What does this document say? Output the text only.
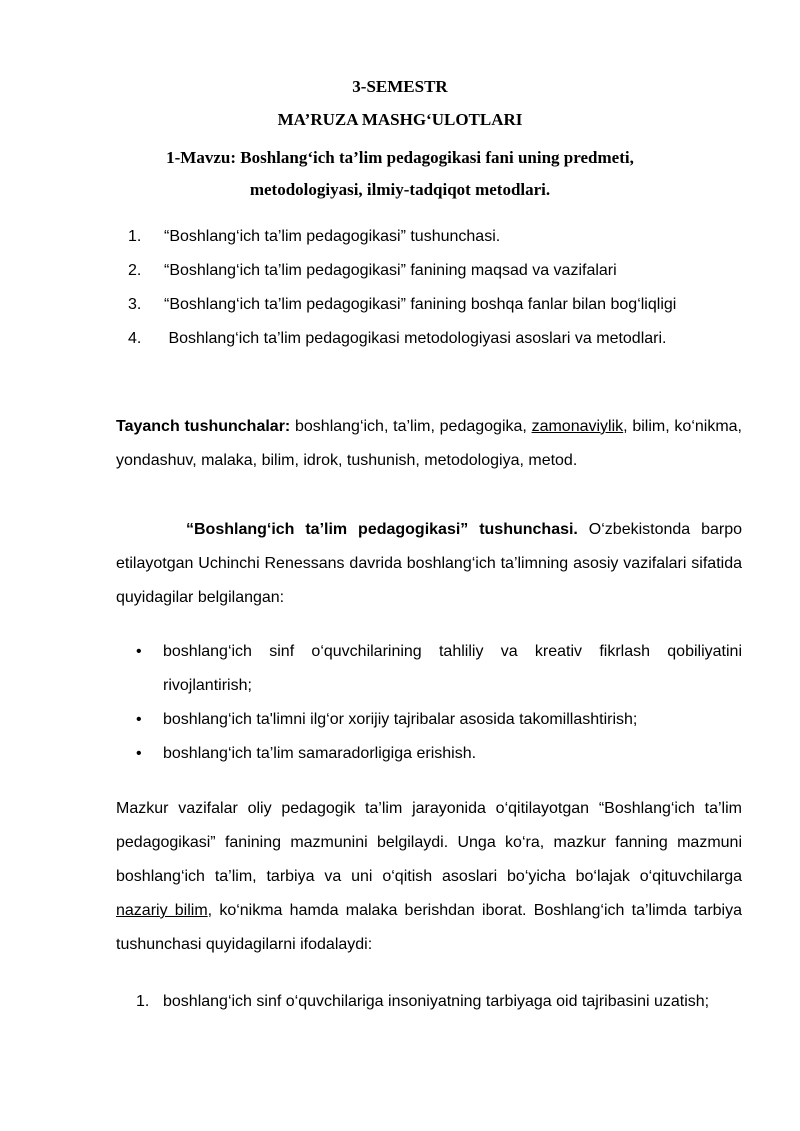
3-SEMESTR
MA’RUZA MASHG‘ULOTLARI
1-Mavzu: Boshlang‘ich ta’lim pedagogikasi fani uning predmeti,
metodologiyasi, ilmiy-tadqiqot metodlari.
1. “Boshlang‘ich ta’lim pedagogikasi” tushunchasi.
2. “Boshlang‘ich ta’lim pedagogikasi” fanining maqsad va vazifalari
3. “Boshlang‘ich ta’lim pedagogikasi” fanining boshqa fanlar bilan bog‘liqligi
4. Boshlang‘ich ta’lim pedagogikasi metodologiyasi asoslari va metodlari.

Tayanch tushunchalar: boshlang‘ich, ta’lim, pedagogika, zamonaviylik, bilim, ko‘nikma, yondashuv, malaka, bilim, idrok, tushunish, metodologiya, metod.

“Boshlang‘ich ta’lim pedagogikasi” tushunchasi. O‘zbekistonda barpo etilayotgan Uchinchi Renessans davrida boshlang‘ich ta’limning asosiy vazifalari sifatida quyidagilar belgilangan:

• boshlang‘ich sinf o‘quvchilarining tahliliy va kreativ fikrlash qobiliyatini rivojlantirish;
• boshlang‘ich ta'limni ilg‘or xorijiy tajribalar asosida takomillashtirish;
• boshlang‘ich ta’lim samaradorligiga erishish.

Mazkur vazifalar oliy pedagogik ta’lim jarayonida o‘qitilayotgan “Boshlang‘ich ta’lim pedagogikasi” fanining mazmunini belgilaydi. Unga ko‘ra, mazkur fanning mazmuni boshlang‘ich ta’lim, tarbiya va uni o‘qitish asoslari bo‘yicha bo‘lajak o‘qituvchilarga nazariy bilim, ko‘nikma hamda malaka berishdan iborat. Boshlang‘ich ta’limda tarbiya tushunchasi quyidagilarni ifodalaydi:

1. boshlang‘ich sinf o‘quvchilariga insoniyatning tarbiyaga oid tajribasini uzatish;
